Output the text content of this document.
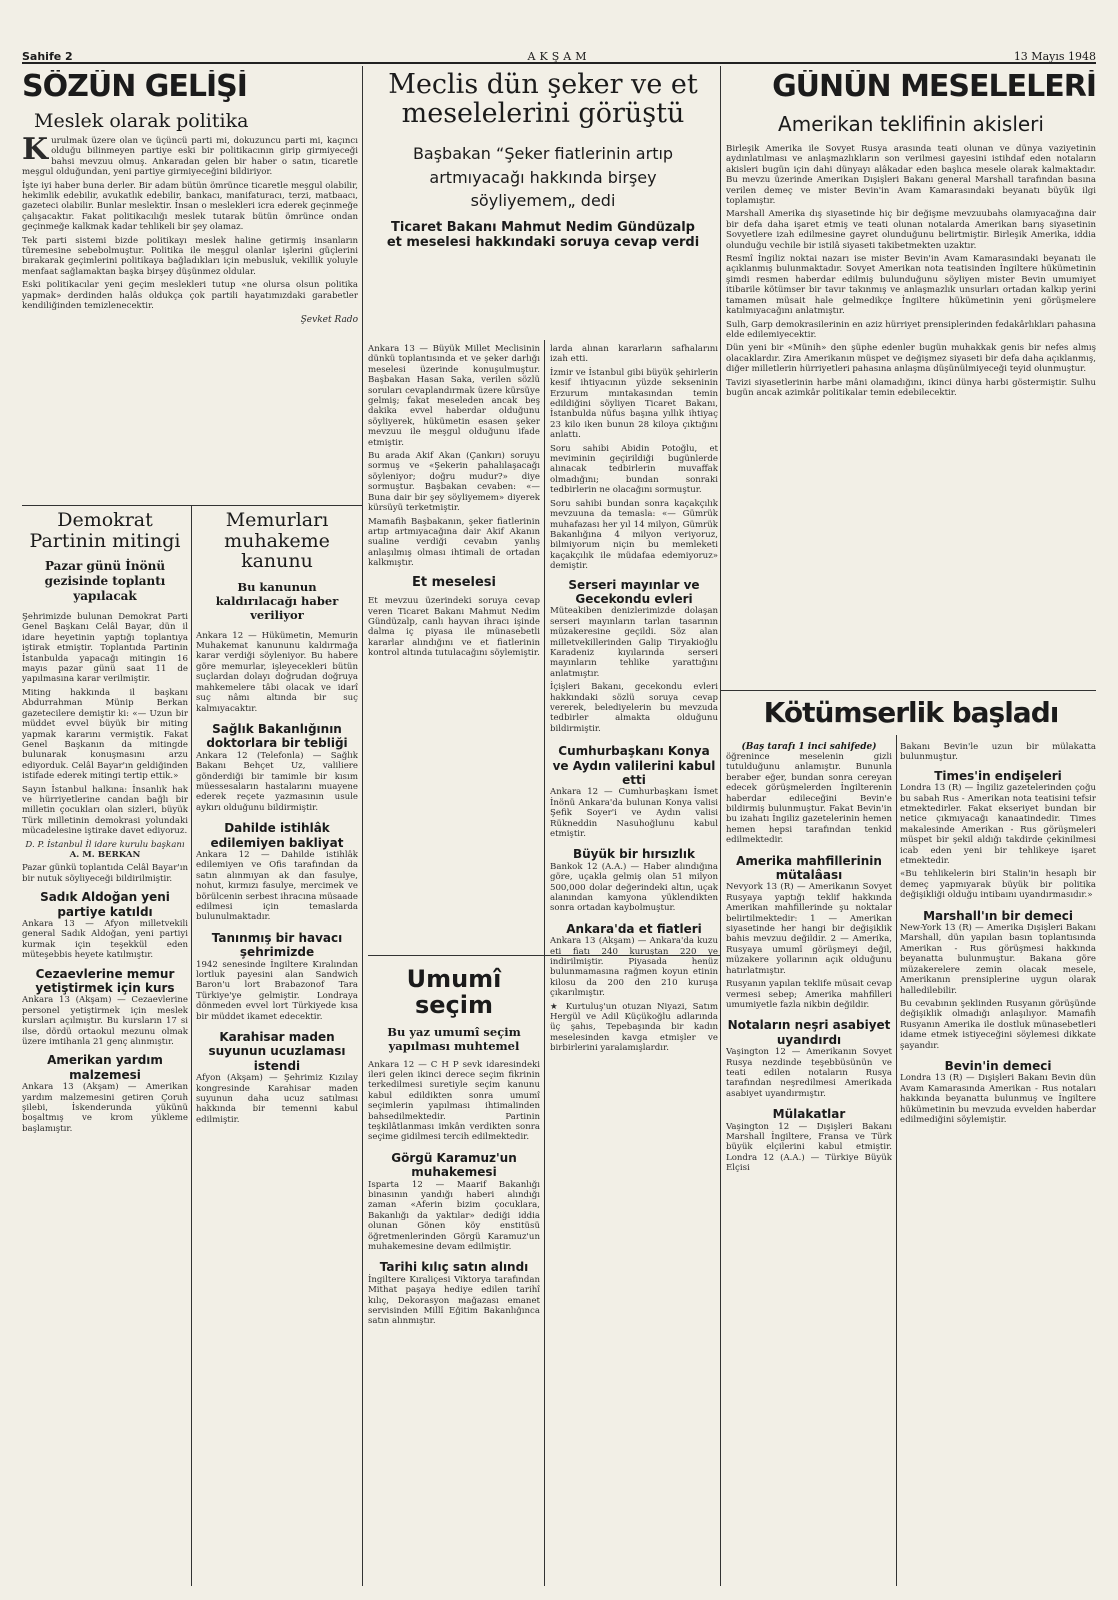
Sahife 2	AKŞAM	13 Mayıs 1948
SÖZÜN GELİŞİ
Meslek olarak politika
K urulmak üzere olan ve üçüncü parti mi, dokuzuncu parti mi, kaçıncı olduğu bilinmeyen partiye eski bir politikacının girip girmiyeceği bahsi mevzuu olmuş. Ankaradan gelen bir haber o satın, ticaretle meşgul olduğundan, yeni partiye girmiyeceğini bildiriyor.

İşte iyi haber buna derler. Bir adam bütün ömrünce ticaretle meşgul olabilir, hekimlik edebilir, avukatlık edebilir, bankacı, manifaturacı, terzi, matbaacı, gazeteci olabilir. Bunlar meslektir. İnsan o meslekleri icra ederek geçinmeğe çalışacaktır. Fakat politikacılığı meslek tutarak bütün ömrünce ondan geçinmeğe kalkmak kadar tehlikeli bir şey olamaz.

Tek parti sistemi bizde politikayı meslek haline getirmiş insanların türemesine sebebolmuştur. Politika ile meşgul olanlar işlerini güçlerini bırakarak geçimlerini politikaya bağladıkları için mebusluk, vekillik yoluyle menfaat sağlamaktan başka birşey düşünmez oldular.

Eski politikacılar yeni geçim meslekleri tutup «ne olursa olsun politika yapmak» derdinden halâs oldukça çok partili hayatımızdaki garabetler kendiliğinden temizlenecektir.

Şevket Rado
Demokrat Partinin mitingi
Pazar günü İnönü gezisinde toplantı yapılacak

Şehrimizde bulunan Demokrat Parti Genel Başkanı Celâl Bayar, dün il idare heyetinin yaptığı toplantıya iştirak etmiştir. Toplantıda Partinin İstanbulda yapacağı mitingin 16 mayıs pazar günü saat 11 de yapılmasına karar verilmiştir.

Miting hakkında il başkanı Abdurrahman Münip Berkan gazetecilere demiştir ki: «— Uzun bir müddet evvel büyük bir miting yapmak kararını vermiştik. Fakat Genel Başkanın da mitingde bulunarak konuşmasını arzu ediyorduk. Celâl Bayar'ın geldiğinden istifade ederek mitingi tertip ettik.»

Sayın İstanbul halkına: İnsanlık hak ve hürriyetlerine candan bağlı bir milletin çocukları olan sizleri, büyük Türk milletinin demokrasi yolundaki mücadelesine iştirake davet ediyoruz.

D. P. İstanbul İl idare kurulu başkanı
A. M. BERKAN

Pazar günkü toplantıda Celâl Bayar'ın bir nutuk söyliyeceği bildirilmiştir.

Sadık Aldoğan yeni partiye katıldı
Ankara 13 — Afyon milletvekili general Sadık Aldoğan, yeni partiyi kurmak için teşekkül eden müteşebbis heyete katılmıştır.
Cezaevlerine memur yetiştirmek için kurs
Ankara 13 (Akşam) — Cezaevlerine personel yetiştirmek için meslek kursları açılmıştır. Bu kursların 17 si ilse, dördü ortaokul mezunu olmak üzere imtihanla 21 genç alınmıştır.
Amerikan yardım malzemesi
Ankara 13 (Akşam) — Amerikan yardım malzemesini getiren Çoruh şilebi, İskenderunda yükünü boşaltmış ve krom yükleme başlamıştır.
Memurları muhakeme kanunu
Bu kanunun kaldırılacağı haber veriliyor
Ankara 12 — Hükümetin, Memurin Muhakemat kanununu kaldırmağa karar verdiği söyleniyor. Bu habere göre memurlar, işleyecekleri bütün suçlardan dolayı doğrudan doğruya mahkemelere tâbi olacak ve idarî suç nâmı altında bir suç kalmıyacaktır.
Sağlık Bakanlığının doktorlara bir tebliği
Ankara 12 (Telefonla) — Sağlık Bakanı Behçet Uz, valiliere gönderdiği bir tamimle bir kısım müessesaların hastalarını muayene ederek reçete yazmasının usule aykırı olduğunu bildirmiştir.
Dahilde istihlâk edilemiyen bakliyat
Ankara 12 — Dahilde istihlâk edilemiyen ve Ofis tarafından da satın alınmıyan ak dan fasulye, nohut, kırmızı fasulye, mercimek ve börülcenin serbest ihracına müsaade edilmesi için temaslarda bulunulmaktadır.
Tanınmış bir havacı şehrimizde
1942 senesinde İngiltere Kıralından lortluk payesini alan Sandwich Baron'u lort Brabazonof Tara Türkiye'ye gelmiştir. Londraya dönmeden evvel lort Türkiyede kısa bir müddet ikamet edecektir.
Karahisar maden suyunun ucuzlaması istendi
Afyon (Akşam) — Şehrimiz Kızılay kongresinde Karahisar maden suyunun daha ucuz satılması hakkında bir temenni kabul edilmiştir.
Meclis dün şeker ve et meselelerini görüştü
Başbakan “Şeker fiatlerinin artıp artmıyacağı hakkında birşey söyliyemem„ dedi
Ticaret Bakanı Mahmut Nedim Gündüzalp et meselesi hakkındaki soruya cevap verdi

Ankara 13 — Büyük Millet Meclisinin dünkü toplantısında et ve şeker darlığı meselesi üzerinde konuşulmuştur. Başbakan Hasan Saka, verilen sözlü soruları cevaplandırmak üzere kürsüye gelmiş; fakat meseleden ancak beş dakika evvel haberdar olduğunu söyliyerek, hükümetin esasen şeker mevzuu ile meşgul olduğunu ifade etmiştir.

Bu arada Akif Akan (Çankırı) soruyu sormuş ve «Şekerin pahalılaşacağı söyleniyor; doğru mudur?» diye sormuştur. Başbakan cevaben: «— Buna dair bir şey söyliyemem» diyerek kürsüyü terketmiştir.

Mamafih Başbakanın, şeker fiatlerinin artıp artmıyacağına dair Akif Akanın sualine verdiği cevabın yanlış anlaşılmış olması ihtimali de ortadan kalkmıştır.

Et meselesi
Et mevzuu üzerindeki soruya cevap veren Ticaret Bakanı Mahmut Nedim Gündüzalp, canlı hayvan ihracı işinde dalma iç piyasa ile münasebetli kararlar alındığını ve et fiatlerinin kontrol altında tutulacağını söylemiştir.
Umumî seçim
Bu yaz umumî seçim yapılması muhtemel
Ankara 12 — C H P sevk idaresindeki ileri gelen ikinci derece seçim fikrinin terkedilmesi suretiyle seçim kanunu kabul edildikten sonra umumî seçimlerin yapılması ihtimalinden bahsedilmektedir. Partinin teşkilâtlanması imkân verdikten sonra seçime gidilmesi tercih edilmektedir.
Görgü Karamuz'un muhakemesi
Isparta 12 — Maarif Bakanlığı binasının yandığı haberi alındığı zaman «Aferin bizim çocuklara, Bakanlığı da yaktılar» dediği iddia olunan Gönen köy enstitüsü öğretmenlerinden Görgü Karamuz'un muhakemesine devam edilmiştir.
Tarihi kılıç satın alındı
İngiltere Kıraliçesi Viktorya tarafından Mithat paşaya hediye edilen tarihî kılıç, Dekorasyon mağazası emanet servisinden Millî Eğitim Bakanlığınca satın alınmıştır.

larda alınan kararların safhalarını izah etti.

İzmir ve İstanbul gibi büyük şehirlerin kesif ihtiyacının yüzde sekseninin Erzurum mıntakasından temin edildiğini söyliyen Ticaret Bakanı, İstanbulda nüfus başına yıllık ihtiyaç 23 kilo iken bunun 28 kiloya çıktığını anlattı.

Soru sahibi Abidin Potoğlu, et meviminin geçirildiği bugünlerde alınacak tedbirlerin muvaffak olmadığını; bundan sonraki tedbirlerin ne olacağını sormuştur.

Soru sahibi bundan sonra kaçakçılık mevzuuna da temasla: «— Gümrük muhafazası her yıl 14 milyon, Gümrük Bakanlığına 4 milyon veriyoruz, bilmiyorum niçin bu memleketi kaçakçılık ile müdafaa edemiyoruz» demiştir.

Serseri mayınlar ve Gecekondu evleri

Müteakiben denizlerimizde dolaşan serseri mayınların tarlan tasarının müzakeresine geçildi. Söz alan milletvekillerinden Galip Tiryakioğlu Karadeniz kıyılarında serseri mayınların tehlike yarattığını anlatmıştır.

İçişleri Bakanı, gecekondu evleri hakkındaki sözlü soruya cevap vererek, belediyelerin bu mevzuda tedbirler almakta olduğunu bildirmiştir.

Cumhurbaşkanı Konya ve Aydın valilerini kabul etti
Ankara 12 — Cumhurbaşkanı İsmet İnönü Ankara'da bulunan Konya valisi Şefik Soyer'i ve Aydın valisi Rükneddin Nasuhoğlunu kabul etmiştir.
Büyük bir hırsızlık
Bankok 12 (A.A.) — Haber alındığına göre, uçakla gelmiş olan 51 milyon 500,000 dolar değerindeki altın, uçak alanından kamyona yüklendikten sonra ortadan kaybolmuştur.
Ankara'da et fiatleri

Ankara 13 (Akşam) — Ankara'da kuzu eti fiatı 240 kuruştan 220 ye indirilmiştir. Piyasada henüz bulunmamasına rağmen koyun etinin kilosu da 200 den 210 kuruşa çıkarılmıştır.

★ Kurtuluş'un otuzan Niyazi, Satım Hergül ve Adil Küçükoğlu adlarında üç şahıs, Tepebaşında bir kadın meselesinden kavga etmişler ve birbirlerini yaralamışlardır.

GÜNÜN MESELELERİ
Amerikan teklifinin akisleri

Birleşik Amerika ile Sovyet Rusya arasında teati olunan ve dünya vaziyetinin aydınlatılması ve anlaşmazlıkların son verilmesi gayesini istihdaf eden notaların akisleri bugün için dahi dünyayı alâkadar eden başlıca mesele olarak kalmaktadır. Bu mevzu üzerinde Amerikan Dışişleri Bakanı general Marshall tarafından basına verilen demeç ve mister Bevin'in Avam Kamarasındaki beyanatı büyük ilgi toplamıştır.

Marshall Amerika dış siyasetinde hiç bir değişme mevzuubahs olamıyacağına dair bir defa daha işaret etmiş ve teati olunan notalarda Amerikan barış siyasetinin Sovyetlere izah edilmesine gayret olunduğunu belirtmiştir. Birleşik Amerika, iddia olunduğu vechile bir istilâ siyaseti takibetmekten uzaktır.

Resmî İngiliz noktai nazarı ise mister Bevin'in Avam Kamarasındaki beyanatı ile açıklanmış bulunmaktadır. Sovyet Amerikan nota teatisinden İngiltere hükümetinin şimdi resmen haberdar edilmiş bulunduğunu söyliyen mister Bevin umumiyet itibarile kötümser bir tavır takınmış ve anlaşmazlık unsurları ortadan kalkıp yerini tamamen müsait hale gelmedikçe İngiltere hükümetinin yeni görüşmelere katılmıyacağını anlatmıştır.

Sulh, Garp demokrasilerinin en aziz hürriyet prensiplerinden fedakârlıkları pahasına elde edilemiyecektir.

Dün yeni bir «Münih» den şüphe edenler bugün muhakkak genis bir nefes almış olacaklardır. Zira Amerikanın müspet ve değişmez siyaseti bir defa daha açıklanmış, diğer milletlerin hürriyetleri pahasına anlaşma düşünülmiyeceği teyid olunmuştur.

Tavizi siyasetlerinin harbe mâni olamadığını, ikinci dünya harbi göstermiştir. Sulhu bugün ancak azimkâr politikalar temin edebilecektir.

Kötümserlik başladı
(Baş tarafı 1 inci sahifede)
öğrenince meselenin gizli tutulduğunu anlamıştır. Bununla beraber eğer, bundan sonra cereyan edecek görüşmelerden İngilterenin haberdar edileceğini Bevin'e bildirmiş bulunmuştur. Fakat Bevin'in bu izahatı İngiliz gazetelerinin hemen hemen hepsi tarafından tenkid edilmektedir.
Amerika mahfillerinin mütalâası

Nevyork 13 (R) — Amerikanın Sovyet Rusyaya yaptığı teklif hakkında Amerikan mahfillerinde şu noktalar belirtilmektedir: 1 — Amerikan siyasetinde her hangi bir değişiklik bahis mevzuu değildir. 2 — Amerika, Rusyaya umumî görüşmeyi değil, müzakere yollarının açık olduğunu hatırlatmıştır.

Rusyanın yapılan teklife müsait cevap vermesi sebep; Amerika mahfilleri umumiyetle fazla nikbin değildir.

Notaların neşri asabiyet uyandırdı
Vaşington 12 — Amerikanın Sovyet Rusya nezdinde teşebbüsünün ve teati edilen notaların Rusya tarafından neşredilmesi Amerikada asabiyet uyandırmıştır.
Mülakatlar
Vaşington 12 — Dışişleri Bakanı Marshall İngiltere, Fransa ve Türk büyük elçilerini kabul etmiştir. Londra 12 (A.A.) — Türkiye Büyük Elçisi
Bakanı Bevin'le uzun bir mülakatta bulunmuştur.
Times'in endişeleri

Londra 13 (R) — İngiliz gazetelerinden çoğu bu sabah Rus - Amerikan nota teatisini tefsir etmektedirler. Fakat ekseriyet bundan bir netice çıkmıyacağı kanaatindedir. Times makalesinde Amerikan - Rus görüşmeleri müspet bir şekil aldığı takdirde çekinilmesi icab eden yeni bir tehlikeye işaret etmektedir.

«Bu tehlikelerin biri Stalin'in hesaplı bir demeç yapmıyarak büyük bir politika değişikliği olduğu intibaını uyandırmasıdır.»

Marshall'ın bir demeci

New-York 13 (R) — Amerika Dışişleri Bakanı Marshall, dün yapılan basın toplantısında Amerikan - Rus görüşmesi hakkında beyanatta bulunmuştur. Bakana göre müzakerelere zemin olacak mesele, Amerikanın prensiplerine uygun olarak halledilebilir.

Bu cevabının şeklinden Rusyanın görüşünde değişiklik olmadığı anlaşılıyor. Mamafih Rusyanın Amerika ile dostluk münasebetleri idame etmek istiyeceğini söylemesi dikkate şayandır.

Bevin'in demeci
Londra 13 (R) — Dışişleri Bakanı Bevin dün Avam Kamarasında Amerikan - Rus notaları hakkında beyanatta bulunmuş ve İngiltere hükümetinin bu mevzuda evvelden haberdar edilmediğini söylemiştir.
